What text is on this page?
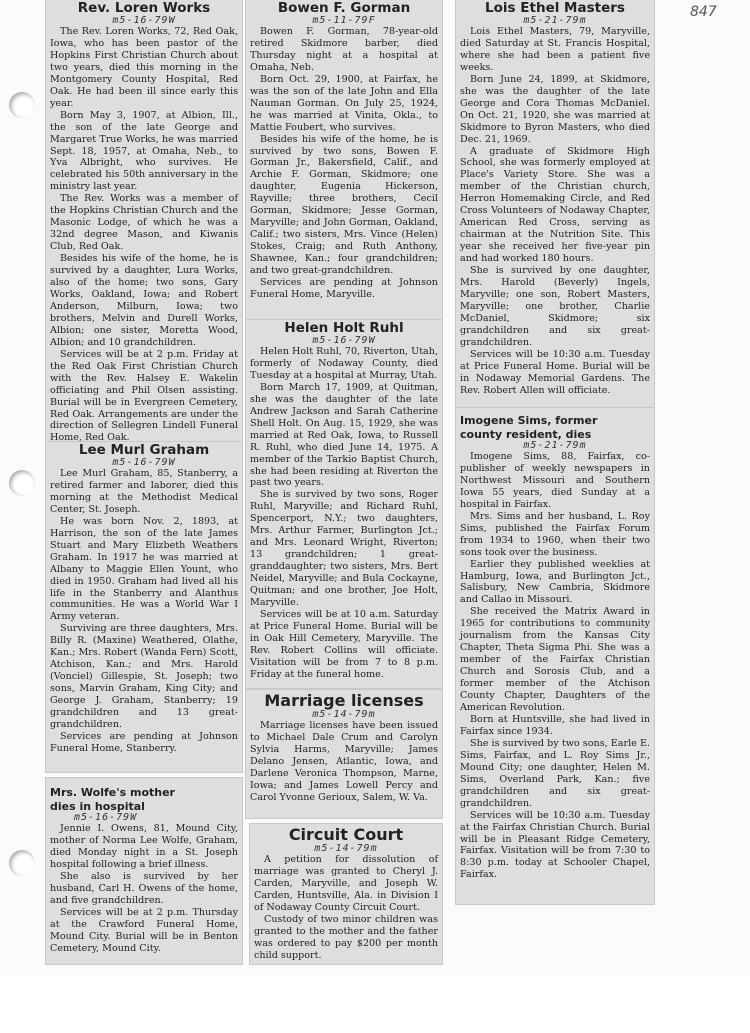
847
Rev. Loren Works
m5-16-79W

The Rev. Loren Works, 72, Red Oak, Iowa, who has been pastor of the Hopkins First Christian Church about two years, died this morning in the Montgomery County Hospital, Red Oak. He had been ill since early this year.

Born May 3, 1907, at Albion, Ill., the son of the late George and Margaret True Works, he was married Sept. 18, 1957, at Omaha, Neb., to Yva Albright, who survives. He celebrated his 50th anniversary in the ministry last year.

The Rev. Works was a member of the Hopkins Christian Church and the Masonic Lodge, of which he was a 32nd degree Mason, and Kiwanis Club, Red Oak.

Besides his wife of the home, he is survived by a daughter, Lura Works, also of the home; two sons, Gary Works, Oakland, Iowa; and Robert Anderson, Milburn, Iowa; two brothers, Melvin and Durell Works, Albion; one sister, Moretta Wood, Albion; and 10 grandchildren.

Services will be at 2 p.m. Friday at the Red Oak First Christian Church with the Rev. Halsey E. Wakelin officiating and Phil Olsen assisting. Burial will be in Evergreen Cemetery, Red Oak. Arrangements are under the direction of Sellegren Lindell Funeral Home, Red Oak.

Lee Murl Graham
m5-16-79W

Lee Murl Graham, 85, Stanberry, a retired farmer and laborer, died this morning at the Methodist Medical Center, St. Joseph.

He was born Nov. 2, 1893, at Harrison, the son of the late James Stuart and Mary Elizbeth Weathers Graham. In 1917 he was married at Albany to Maggie Ellen Yount, who died in 1950. Graham had lived all his life in the Stanberry and Alanthus communities. He was a World War I Army veteran.

Surviving are three daughters, Mrs. Billy R. (Maxine) Weathered, Olathe, Kan.; Mrs. Robert (Wanda Fern) Scott, Atchison, Kan.; and Mrs. Harold (Vonciel) Gillespie, St. Joseph; two sons, Marvin Graham, King City; and George J. Graham, Stanberry; 19 grandchildren and 13 great-grandchildren.

Services are pending at Johnson Funeral Home, Stanberry.

Mrs. Wolfe's mother
dies in hospital
m5-16-79W

Jennie I. Owens, 81, Mound City, mother of Norma Lee Wolfe, Graham, died Monday night in a St. Joseph hospital following a brief illness.

She also is survived by her husband, Carl H. Owens of the home, and five grandchildren.

Services will be at 2 p.m. Thursday at the Crawford Funeral Home, Mound City. Burial will be in Benton Cemetery, Mound City.

Bowen F. Gorman
m5-11-79F

Bowen F. Gorman, 78-year-old retired Skidmore barber, died Thursday night at a hospital at Omaha, Neb.

Born Oct. 29, 1900, at Fairfax, he was the son of the late John and Ella Nauman Gorman. On July 25, 1924, he was married at Vinita, Okla., to Mattie Foubert, who survives.

Besides his wife of the home, he is survived by two sons, Bowen F. Gorman Jr., Bakersfield, Calif., and Archie F. Gorman, Skidmore; one daughter, Eugenia Hickerson, Rayville; three brothers, Cecil Gorman, Skidmore; Jesse Gorman, Maryville; and John Gorman, Oakland, Calif.; two sisters, Mrs. Vince (Helen) Stokes, Craig; and Ruth Anthony, Shawnee, Kan.; four grandchildren; and two great-grandchildren.

Services are pending at Johnson Funeral Home, Maryville.

Helen Holt Ruhl
m5-16-79W

Helen Holt Ruhl, 70, Riverton, Utah, formerly of Nodaway County, died Tuesday at a hospital at Murray, Utah.

Born March 17, 1909, at Quitman, she was the daughter of the late Andrew Jackson and Sarah Catherine Shell Holt. On Aug. 15, 1929, she was married at Red Oak, Iowa, to Russell R. Ruhl, who died June 14, 1975. A member of the Tarkio Baptist Church, she had been residing at Riverton the past two years.

She is survived by two sons, Roger Ruhl, Maryville; and Richard Ruhl, Spencerport, N.Y.; two daughters, Mrs. Arthur Farmer, Burlington Jct.; and Mrs. Leonard Wright, Riverton; 13 grandchildren; 1 great-granddaughter; two sisters, Mrs. Bert Neidel, Maryville; and Bula Cockayne, Quitman; and one brother, Joe Holt, Maryville.

Services will be at 10 a.m. Saturday at Price Funeral Home. Burial will be in Oak Hill Cemetery, Maryville. The Rev. Robert Collins will officiate. Visitation will be from 7 to 8 p.m. Friday at the funeral home.

Marriage licenses
m5-14-79m

Marriage licenses have been issued to Michael Dale Crum and Carolyn Sylvia Harms, Maryville; James Delano Jensen, Atlantic, Iowa, and Darlene Veronica Thompson, Marne, Iowa; and James Lowell Percy and Carol Yvonne Gerioux, Salem, W. Va.

Circuit Court
m5-14-79m

A petition for dissolution of marriage was granted to Cheryl J. Carden, Maryville, and Joseph W. Carden, Huntsville, Ala. in Division I of Nodaway County Circuit Court.

Custody of two minor children was granted to the mother and the father was ordered to pay $200 per month child support.

Lois Ethel Masters
m5-21-79m

Lois Ethel Masters, 79, Maryville, died Saturday at St. Francis Hospital, where she had been a patient five weeks.

Born June 24, 1899, at Skidmore, she was the daughter of the late George and Cora Thomas McDaniel. On Oct. 21, 1920, she was married at Skidmore to Byron Masters, who died Dec. 21, 1969.

A graduate of Skidmore High School, she was formerly employed at Place's Variety Store. She was a member of the Christian church, Herron Homemaking Circle, and Red Cross Volunteers of Nodaway Chapter, American Red Cross, serving as chairman at the Nutrition Site. This year she received her five-year pin and had worked 180 hours.

She is survived by one daughter, Mrs. Harold (Beverly) Ingels, Maryville; one son, Robert Masters, Maryville; one brother, Charlie McDaniel, Skidmore; six grandchildren and six great-grandchildren.

Services will be 10:30 a.m. Tuesday at Price Funeral Home. Burial will be in Nodaway Memorial Gardens. The Rev. Robert Allen will officiate.

Imogene Sims, former
county resident, dies
m5-21-79m

Imogene Sims, 88, Fairfax, co-publisher of weekly newspapers in Northwest Missouri and Southern Iowa 55 years, died Sunday at a hospital in Fairfax.

Mrs. Sims and her husband, L. Roy Sims, published the Fairfax Forum from 1934 to 1960, when their two sons took over the business.

Earlier they published weeklies at Hamburg, Iowa, and Burlington Jct., Salisbury, New Cambria, Skidmore and Callao in Missouri.

She received the Matrix Award in 1965 for contributions to community journalism from the Kansas City Chapter, Theta Sigma Phi. She was a member of the Fairfax Christian Church and Sorosis Club, and a former member of the Atchison County Chapter, Daughters of the American Revolution.

Born at Huntsville, she had lived in Fairfax since 1934.

She is survived by two sons, Earle E. Sims, Fairfax, and L. Roy Sims Jr., Mound City; one daughter, Helen M. Sims, Overland Park, Kan.; five grandchildren and six great-grandchildren.

Services will be 10:30 a.m. Tuesday at the Fairfax Christian Church. Burial will be in Pleasant Ridge Cemetery, Fairfax. Visitation will be from 7:30 to 8:30 p.m. today at Schooler Chapel, Fairfax.
